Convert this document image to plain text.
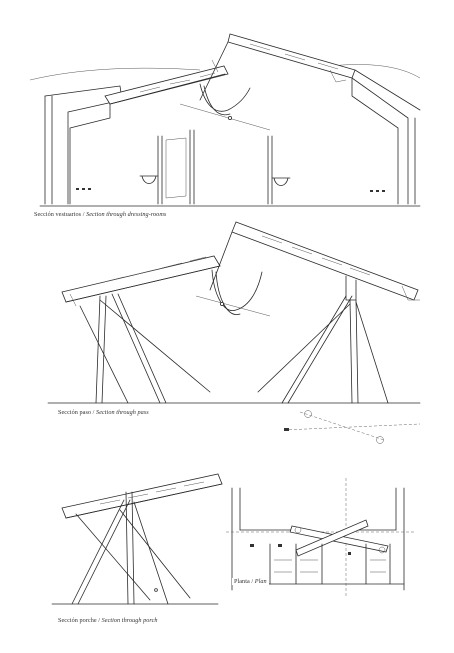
Sección vestuarios / Section through dressing-rooms
Sección paso / Section through pass
Sección porche / Section through porch
Planta / Plan
